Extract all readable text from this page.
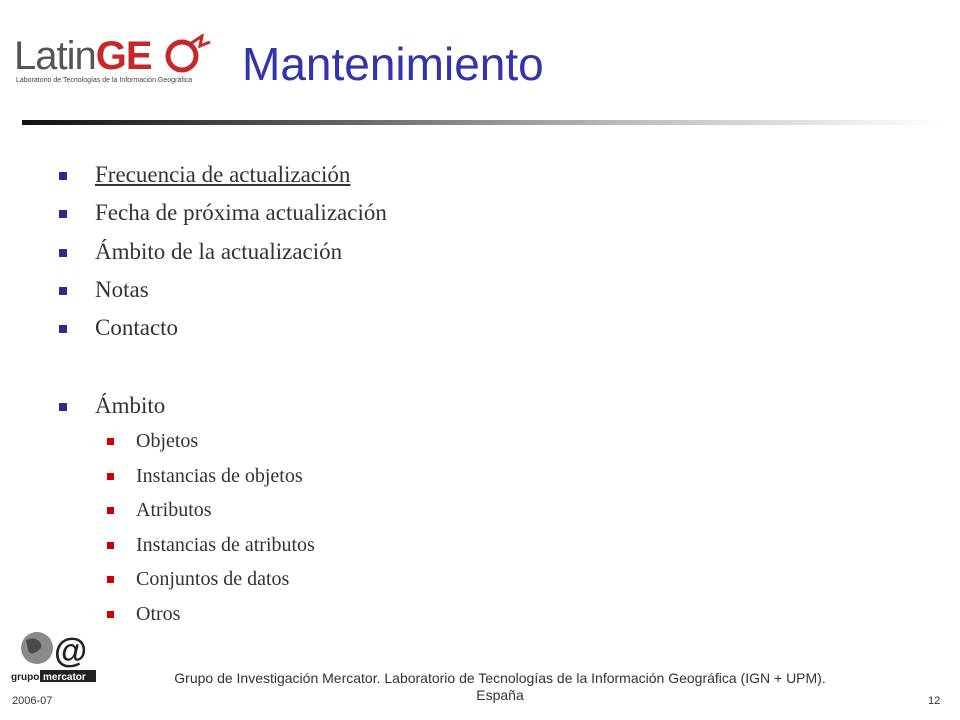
LatinGE
Laboratorio de Tecnologías de la Información Geográfica Mantenimiento
Frecuencia de actualización
Fecha de próxima actualización
Ámbito de la actualización
Notas
Contacto
Ámbito
Objetos
Instancias de objetos
Atributos
Instancias de atributos
Conjuntos de datos
Otros
@
grupo mercator	Grupo de Investigación Mercator. Laboratorio de Tecnologías de la Información Geográfica (IGN + UPM).
España
2006-07	12
